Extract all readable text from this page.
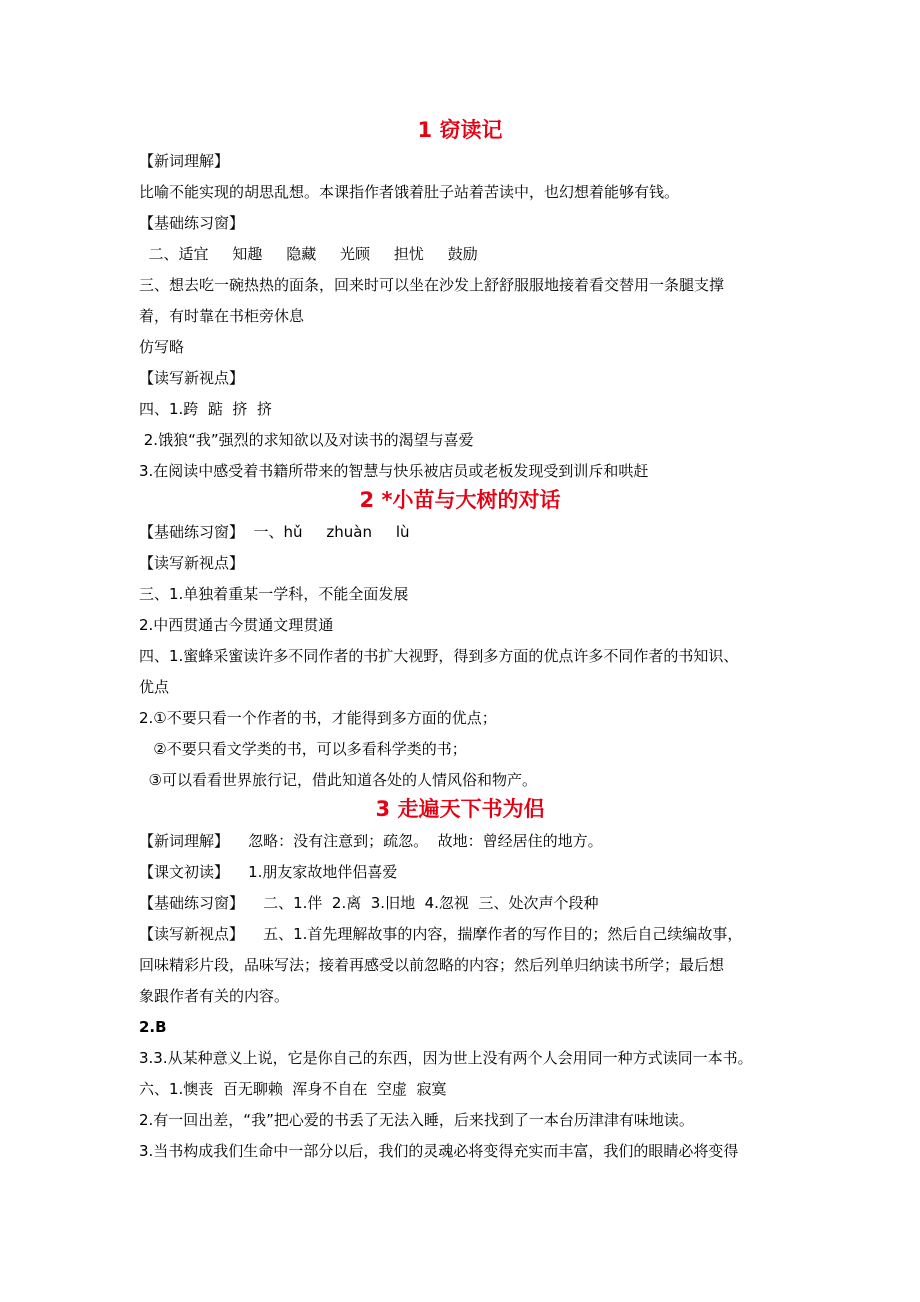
1 窃读记
【新词理解】
比喻不能实现的胡思乱想。本课指作者饿着肚子站着苦读中，也幻想着能够有钱。
【基础练习窗】
二、适宜     知趣     隐藏     光顾     担忧     鼓励
三、想去吃一碗热热的面条，回来时可以坐在沙发上舒舒服服地接着看交替用一条腿支撑
着，有时靠在书柜旁休息
仿写略
【读写新视点】
四、1.跨  踮  挤  挤
2.饿狼“我”强烈的求知欲以及对读书的渴望与喜爱
3.在阅读中感受着书籍所带来的智慧与快乐被店员或老板发现受到训斥和哄赶
2 *小苗与大树的对话
【基础练习窗】  一、hǔ     zhuàn     lù
【读写新视点】
三、1.单独着重某一学科，不能全面发展
2.中西贯通古今贯通文理贯通
四、1.蜜蜂采蜜读许多不同作者的书扩大视野，得到多方面的优点许多不同作者的书知识、
优点
2.①不要只看一个作者的书，才能得到多方面的优点；
②不要只看文学类的书，可以多看科学类的书；
③可以看看世界旅行记，借此知道各处的人情风俗和物产。
3 走遍天下书为侣
【新词理解】    忽略：没有注意到；疏忽。  故地：曾经居住的地方。
【课文初读】    1.朋友家故地伴侣喜爱
【基础练习窗】    二、1.伴  2.离  3.旧地  4.忽视  三、处次声个段种
【读写新视点】    五、1.首先理解故事的内容，揣摩作者的写作目的；然后自己续编故事，
回味精彩片段，品味写法；接着再感受以前忽略的内容；然后列单归纳读书所学；最后想
象跟作者有关的内容。
2.B
3.3.从某种意义上说，它是你自己的东西，因为世上没有两个人会用同一种方式读同一本书。
六、1.懊丧  百无聊赖  浑身不自在  空虚  寂寞
2.有一回出差，“我”把心爱的书丢了无法入睡，后来找到了一本台历津津有味地读。
3.当书构成我们生命中一部分以后，我们的灵魂必将变得充实而丰富，我们的眼睛必将变得
